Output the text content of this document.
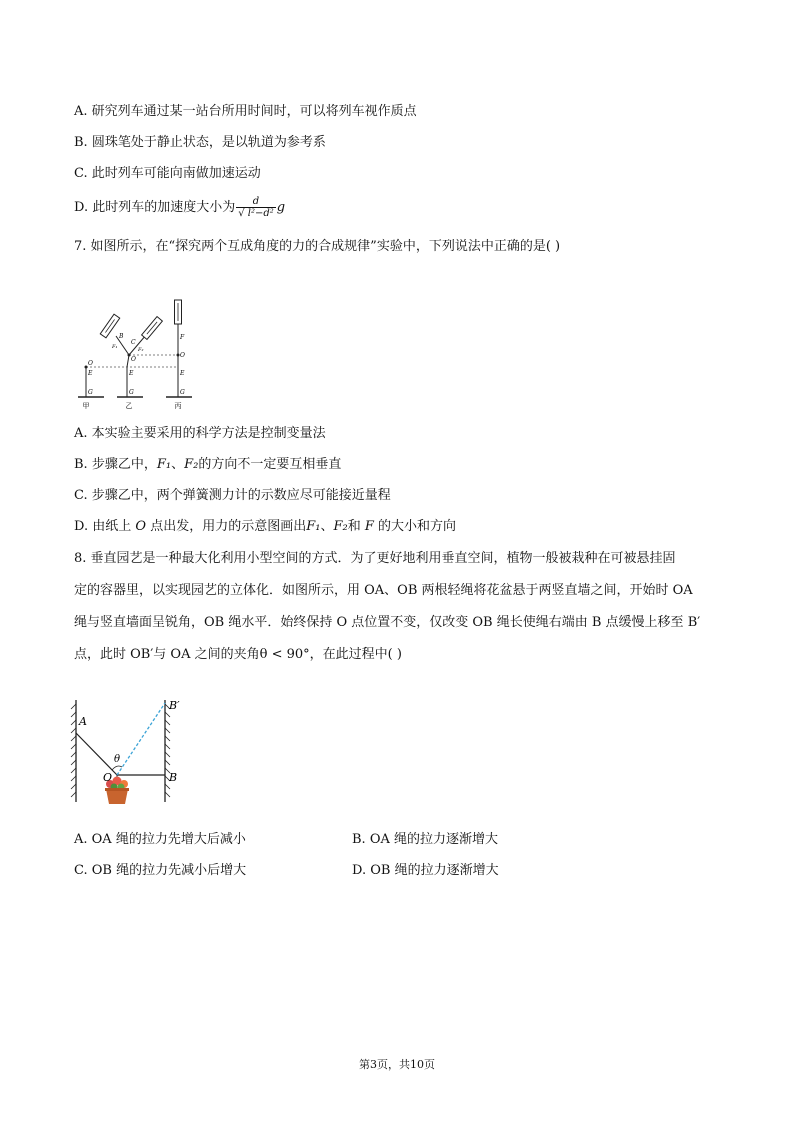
A. 研究列车通过某一站台所用时间时，可以将列车视作质点
B. 圆珠笔处于静止状态，是以轨道为参考系
C. 此时列车可能向南做加速运动
D. 此时列车的加速度大小为 $\frac{d}{\text{√ l²−d²}}$ g
7. 如图所示，在“探究两个互成角度的力的合成规律”实验中，下列说法中正确的是( )
B
C
F₁	F₂
F
O
O
O
E	E	E
G	G	G
甲	乙	丙
A. 本实验主要采用的科学方法是控制变量法
B. 步骤乙中，F₁、F₂的方向不一定要互相垂直
C. 步骤乙中，两个弹簧测力计的示数应尽可能接近量程
D. 由纸上 O 点出发，用力的示意图画出F₁、F₂和 F 的大小和方向
8. 垂直园艺是一种最大化利用小型空间的方式．为了更好地利用垂直空间，植物一般被栽种在可被悬挂固
定的容器里，以实现园艺的立体化．如图所示，用 OA、OB 两根轻绳将花盆悬于两竖直墙之间，开始时 OA
绳与竖直墙面呈锐角，OB 绳水平．始终保持 O 点位置不变，仅改变 OB 绳长使绳右端由 B 点缓慢上移至 B′
点，此时 OB′与 OA 之间的夹角θ < 90°，在此过程中( )
A
B′
θ
O	B
A. OA 绳的拉力先增大后减小	B. OA 绳的拉力逐渐增大
C. OB 绳的拉力先减小后增大	D. OB 绳的拉力逐渐增大
第3页，共10页
